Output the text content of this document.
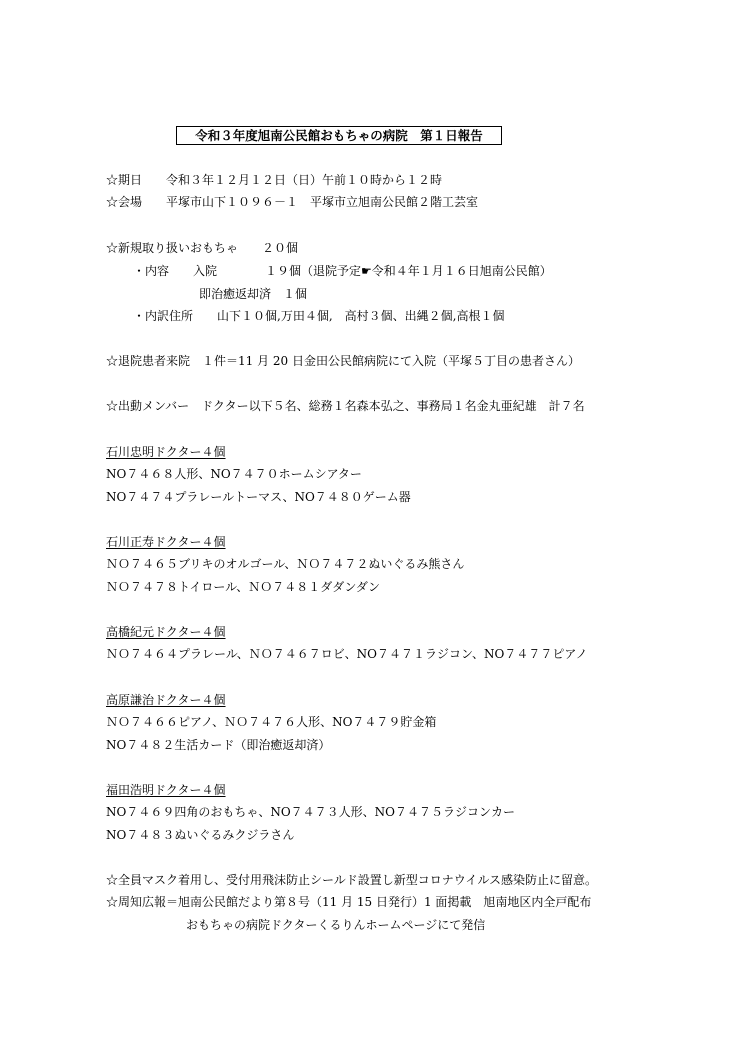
令和３年度旭南公民館おもちゃの病院　第１日報告
☆期日　　令和３年１２月１２日（日）午前１０時から１２時
☆会場　　平塚市山下１０９６－１　平塚市立旭南公民館２階工芸室
☆新規取り扱いおもちゃ　　２０個
・内容　　入院　　　　１９個（退院予定☛令和４年１月１６日旭南公民館）
即治癒返却済　１個
・内訳住所　　山下１０個,万田４個,　高村３個、出縄２個,高根１個
☆退院患者来院　１件＝11 月 20 日金田公民館病院にて入院（平塚５丁目の患者さん）
☆出動メンバー　ドクター以下５名、総務１名森本弘之、事務局１名金丸亜紀雄　計７名
石川忠明ドクター４個
NO７４６８人形、NO７４７０ホームシアター
NO７４７４プラレールトーマス、NO７４８０ゲーム器
石川正寿ドクター４個
ＮＯ７４６５ブリキのオルゴール、ＮＯ７４７２ぬいぐるみ熊さん
ＮＯ７４７８トイロール、ＮＯ７４８１ダダンダン
高橋紀元ドクター４個
ＮＯ７４６４プラレール、ＮＯ７４６７ロビ、NO７４７１ラジコン、NO７４７７ピアノ
高原謙治ドクター４個
ＮＯ７４６６ピアノ、ＮＯ７４７６人形、NO７４７９貯金箱
NO７４８２生活カード（即治癒返却済）
福田浩明ドクター４個
NO７４６９四角のおもちゃ、NO７４７３人形、NO７４７５ラジコンカー
NO７４８３ぬいぐるみクジラさん
☆全員マスク着用し、受付用飛沫防止シールド設置し新型コロナウイルス感染防止に留意。
☆周知広報＝旭南公民館だより第８号（11 月 15 日発行）1 面掲載　旭南地区内全戸配布
おもちゃの病院ドクターくるりんホームページにて発信
